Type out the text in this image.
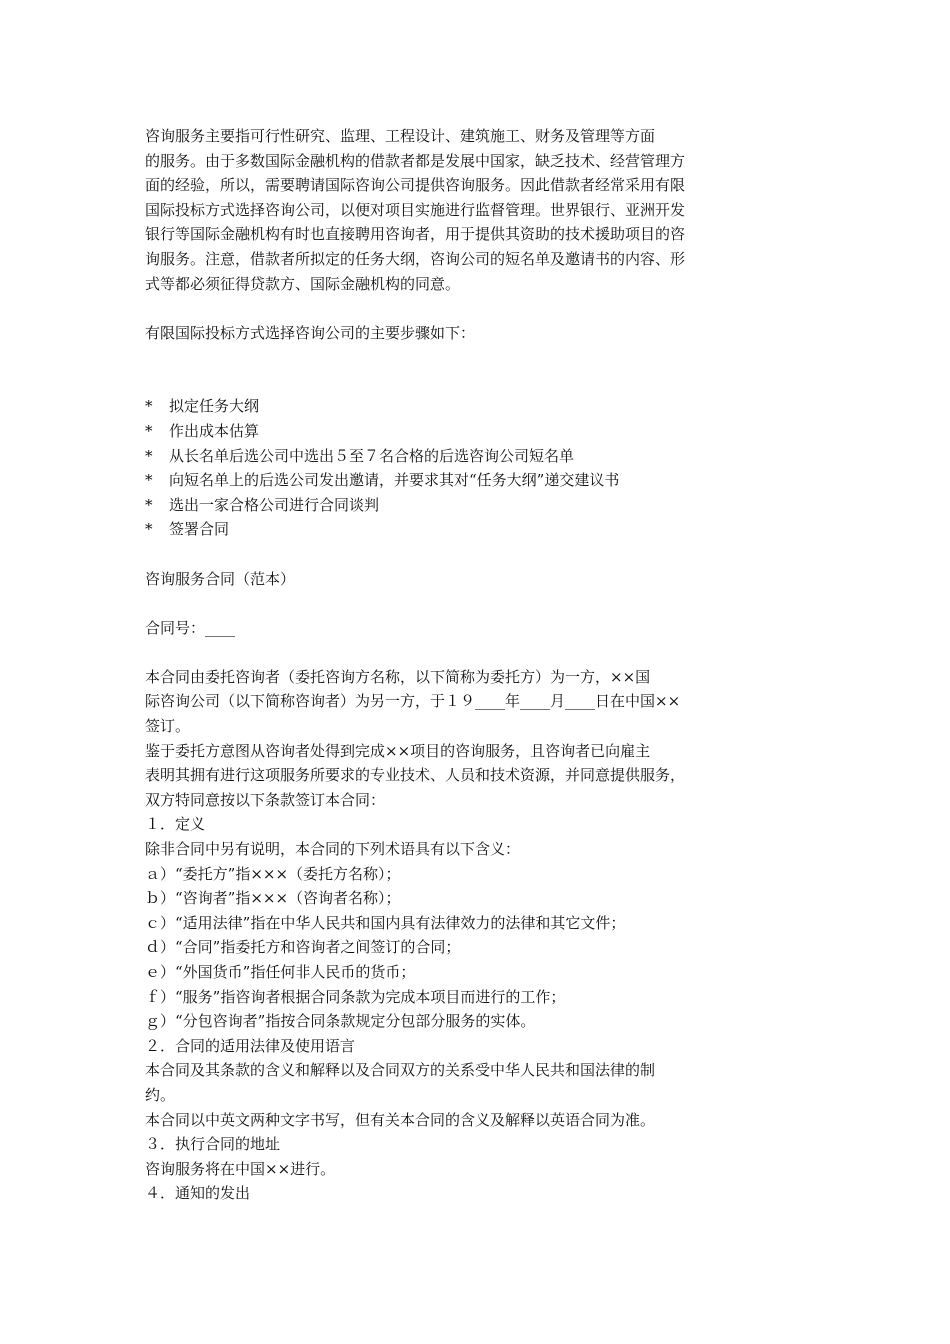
咨询服务主要指可行性研究、监理、工程设计、建筑施工、财务及管理等方面
的服务。由于多数国际金融机构的借款者都是发展中国家，缺乏技术、经营管理方
面的经验，所以，需要聘请国际咨询公司提供咨询服务。因此借款者经常采用有限
国际投标方式选择咨询公司，以便对项目实施进行监督管理。世界银行、亚洲开发
银行等国际金融机构有时也直接聘用咨询者，用于提供其资助的技术援助项目的咨
询服务。注意，借款者所拟定的任务大纲，咨询公司的短名单及邀请书的内容、形
式等都必须征得贷款方、国际金融机构的同意。
有限国际投标方式选择咨询公司的主要步骤如下：
* 拟定任务大纲
* 作出成本估算
* 从长名单后选公司中选出５至７名合格的后选咨询公司短名单
* 向短名单上的后选公司发出邀请，并要求其对“任务大纲”递交建议书
* 选出一家合格公司进行合同谈判
* 签署合同
咨询服务合同（范本）
合同号：____
本合同由委托咨询者（委托咨询方名称，以下简称为委托方）为一方，××国
际咨询公司（以下简称咨询者）为另一方，于１９____年____月____日在中国××
签订。
鉴于委托方意图从咨询者处得到完成××项目的咨询服务，且咨询者已向雇主
表明其拥有进行这项服务所要求的专业技术、人员和技术资源，并同意提供服务，
双方特同意按以下条款签订本合同：
１．定义
除非合同中另有说明，本合同的下列术语具有以下含义：
ａ）“委托方”指×××（委托方名称）；
ｂ）“咨询者”指×××（咨询者名称）；
ｃ）“适用法律”指在中华人民共和国内具有法律效力的法律和其它文件；
ｄ）“合同”指委托方和咨询者之间签订的合同；
ｅ）“外国货币”指任何非人民币的货币；
ｆ）“服务”指咨询者根据合同条款为完成本项目而进行的工作；
ｇ）“分包咨询者”指按合同条款规定分包部分服务的实体。
２．合同的适用法律及使用语言
本合同及其条款的含义和解释以及合同双方的关系受中华人民共和国法律的制
约。
本合同以中英文两种文字书写，但有关本合同的含义及解释以英语合同为准。
３．执行合同的地址
咨询服务将在中国××进行。
４．通知的发出
